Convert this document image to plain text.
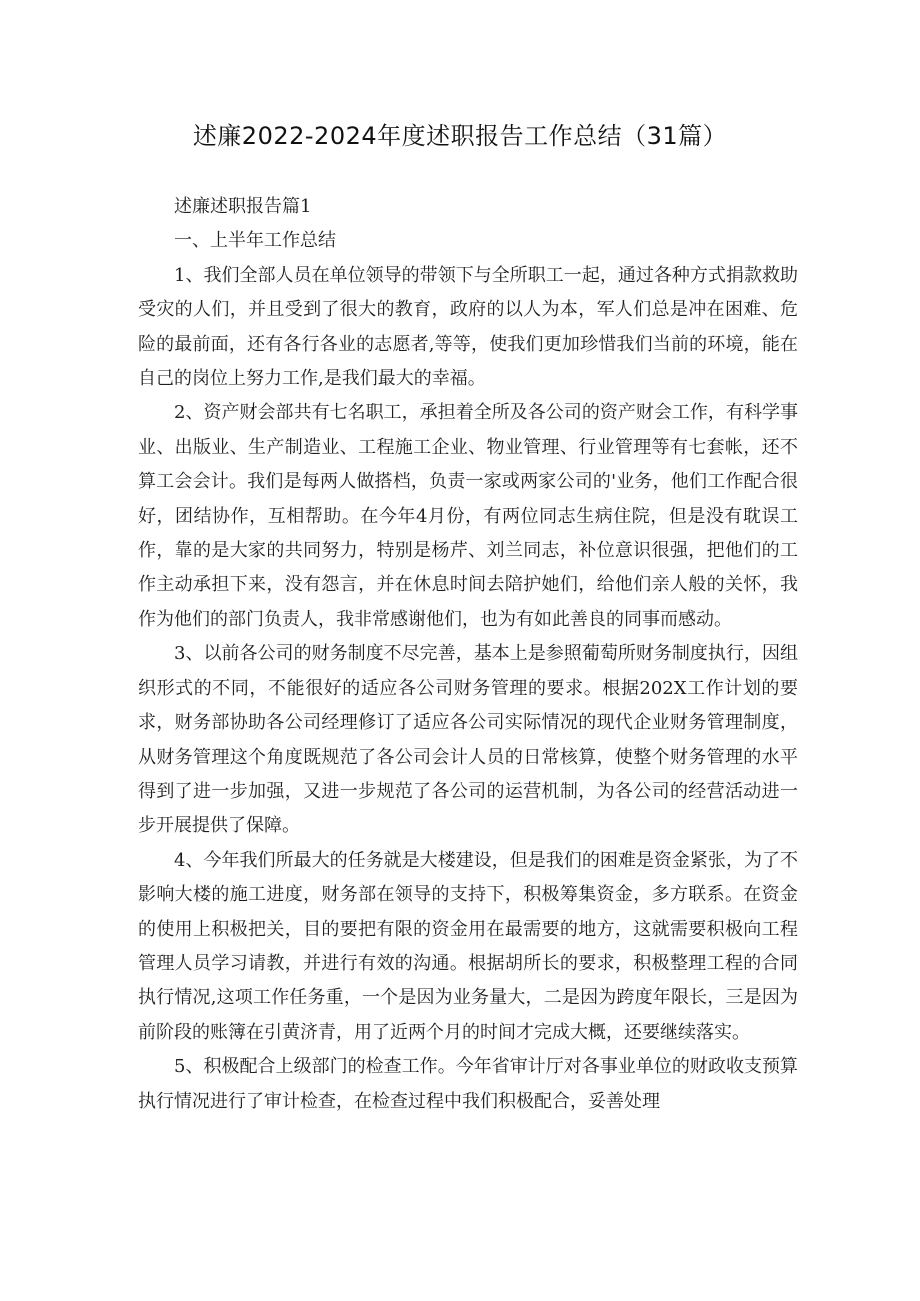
述廉2022-2024年度述职报告工作总结（31篇）

述廉述职报告篇1

一、上半年工作总结

1、我们全部人员在单位领导的带领下与全所职工一起，通过各种方式捐款救助受灾的人们，并且受到了很大的教育，政府的以人为本，军人们总是冲在困难、危险的最前面，还有各行各业的志愿者,等等，使我们更加珍惜我们当前的环境，能在自己的岗位上努力工作,是我们最大的幸福。

2、资产财会部共有七名职工，承担着全所及各公司的资产财会工作，有科学事业、出版业、生产制造业、工程施工企业、物业管理、行业管理等有七套帐，还不算工会会计。我们是每两人做搭档，负责一家或两家公司的'业务，他们工作配合很好，团结协作，互相帮助。在今年4月份，有两位同志生病住院，但是没有耽误工作，靠的是大家的共同努力，特别是杨芹、刘兰同志，补位意识很强，把他们的工作主动承担下来，没有怨言，并在休息时间去陪护她们，给他们亲人般的关怀，我作为他们的部门负责人，我非常感谢他们，也为有如此善良的同事而感动。

3、以前各公司的财务制度不尽完善，基本上是参照葡萄所财务制度执行，因组织形式的不同，不能很好的适应各公司财务管理的要求。根据202X工作计划的要求，财务部协助各公司经理修订了适应各公司实际情况的现代企业财务管理制度，从财务管理这个角度既规范了各公司会计人员的日常核算，使整个财务管理的水平得到了进一步加强，又进一步规范了各公司的运营机制，为各公司的经营活动进一步开展提供了保障。

4、今年我们所最大的任务就是大楼建设，但是我们的困难是资金紧张，为了不影响大楼的施工进度，财务部在领导的支持下，积极筹集资金，多方联系。在资金的使用上积极把关，目的要把有限的资金用在最需要的地方，这就需要积极向工程管理人员学习请教，并进行有效的沟通。根据胡所长的要求，积极整理工程的合同执行情况,这项工作任务重，一个是因为业务量大，二是因为跨度年限长，三是因为前阶段的账簿在引黄济青，用了近两个月的时间才完成大概，还要继续落实。

5、积极配合上级部门的检查工作。今年省审计厅对各事业单位的财政收支预算执行情况进行了审计检查，在检查过程中我们积极配合，妥善处理
